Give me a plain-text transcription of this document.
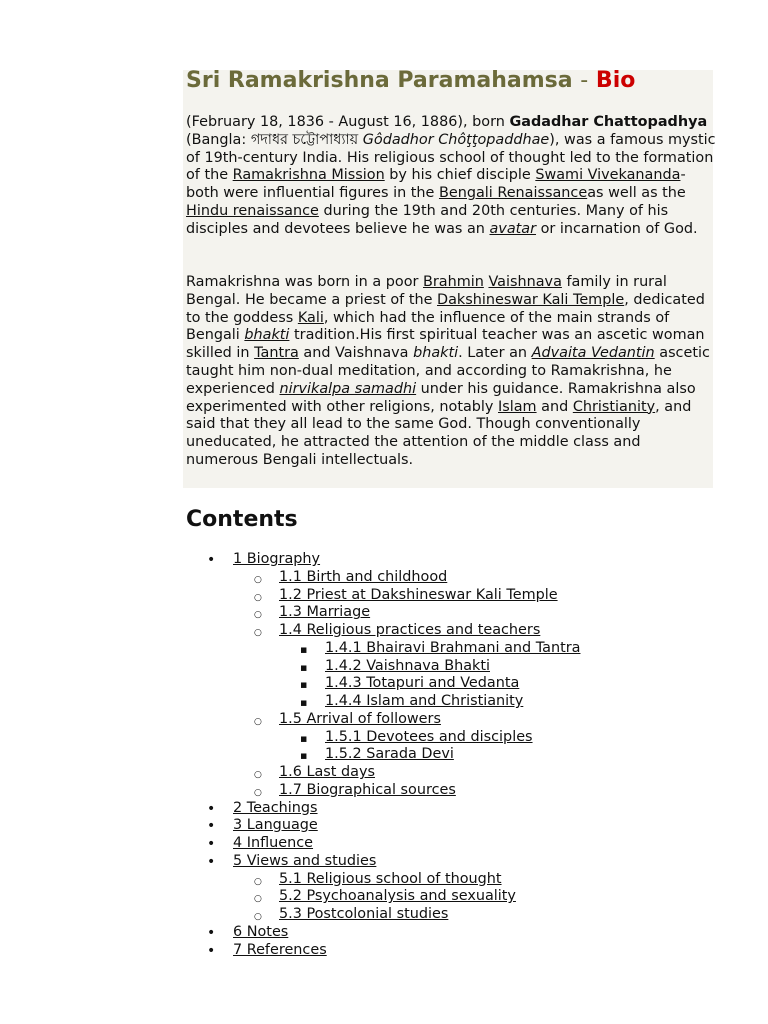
Sri Ramakrishna Paramahamsa - Bio
(February 18, 1836 - August 16, 1886), born Gadadhar Chattopadhya (Bangla: গদাধর চট্টোপাধ্যায় Gôdadhor Chôţţopaddhae), was a famous mystic of 19th-century India. His religious school of thought led to the formation of the Ramakrishna Mission by his chief disciple Swami Vivekananda- both were influential figures in the Bengali Renaissanceas well as the Hindu renaissance during the 19th and 20th centuries. Many of his disciples and devotees believe he was an avatar or incarnation of God.
Ramakrishna was born in a poor Brahmin Vaishnava family in rural Bengal. He became a priest of the Dakshineswar Kali Temple, dedicated to the goddess Kali, which had the influence of the main strands of Bengali bhakti tradition.His first spiritual teacher was an ascetic woman skilled in Tantra and Vaishnava bhakti. Later an Advaita Vedantin ascetic taught him non-dual meditation, and according to Ramakrishna, he experienced nirvikalpa samadhi under his guidance. Ramakrishna also experimented with other religions, notably Islam and Christianity, and said that they all lead to the same God. Though conventionally uneducated, he attracted the attention of the middle class and numerous Bengali intellectuals.
Contents
•
1 Biography
○
1.1 Birth and childhood
○
1.2 Priest at Dakshineswar Kali Temple
○
1.3 Marriage
○
1.4 Religious practices and teachers
▪
1.4.1 Bhairavi Brahmani and Tantra
▪
1.4.2 Vaishnava Bhakti
▪
1.4.3 Totapuri and Vedanta
▪
1.4.4 Islam and Christianity
○
1.5 Arrival of followers
▪
1.5.1 Devotees and disciples
▪
1.5.2 Sarada Devi
○
1.6 Last days
○
1.7 Biographical sources
•
2 Teachings
•
3 Language
•
4 Influence
•
5 Views and studies
○
5.1 Religious school of thought
○
5.2 Psychoanalysis and sexuality
○
5.3 Postcolonial studies
•
6 Notes
•
7 References
